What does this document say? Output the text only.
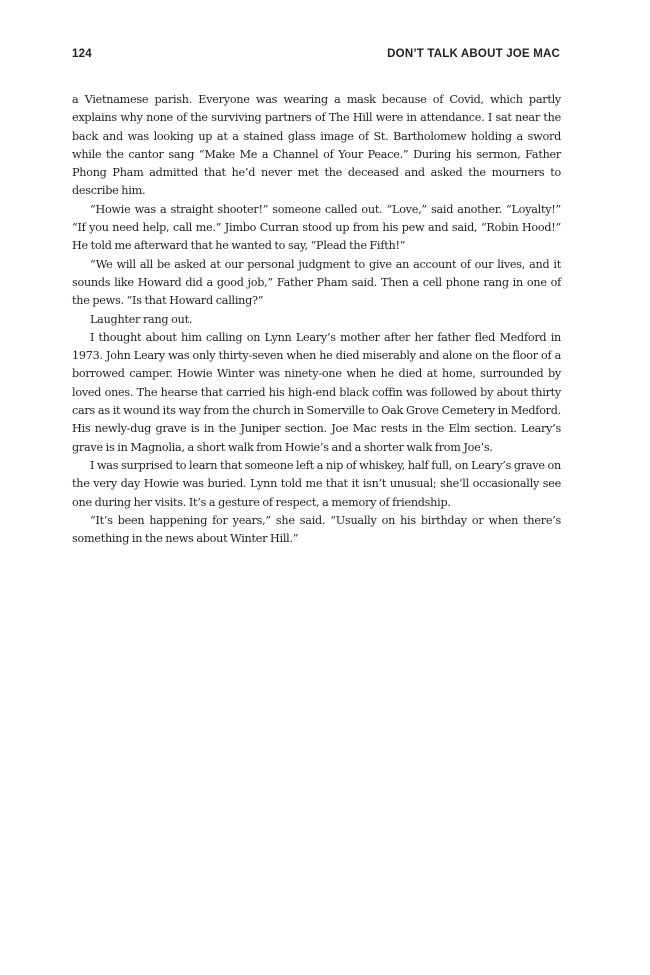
124	DON’T TALK ABOUT JOE MAC

a Vietnamese parish. Everyone was wearing a mask because of Covid, which partly explains why none of the surviving partners of The Hill were in attendance. I sat near the back and was looking up at a stained glass image of St. Bartholomew holding a sword while the cantor sang “Make Me a Channel of Your Peace.” During his sermon, Father Phong Pham admitted that he’d never met the deceased and asked the mourners to describe him.

“Howie was a straight shooter!” someone called out. “Love,” said another. “Loyalty!” “If you need help, call me.” Jimbo Curran stood up from his pew and said, “Robin Hood!” He told me afterward that he wanted to say, “Plead the Fifth!”

“We will all be asked at our personal judgment to give an account of our lives, and it sounds like Howard did a good job,” Father Pham said. Then a cell phone rang in one of the pews. “Is that Howard calling?”

Laughter rang out.

I thought about him calling on Lynn Leary’s mother after her father fled Medford in 1973. John Leary was only thirty-seven when he died miserably and alone on the floor of a borrowed camper. Howie Winter was ninety-one when he died at home, surrounded by loved ones. The hearse that carried his high-end black coffin was followed by about thirty cars as it wound its way from the church in Somerville to Oak Grove Cemetery in Medford. His newly-dug grave is in the Juniper section. Joe Mac rests in the Elm section. Leary’s grave is in Magnolia, a short walk from Howie’s and a shorter walk from Joe’s.

I was surprised to learn that someone left a nip of whiskey, half full, on Leary’s grave on the very day Howie was buried. Lynn told me that it isn’t unusual; she’ll occasionally see one during her visits. It’s a gesture of respect, a memory of friendship.

“It’s been happening for years,” she said. “Usually on his birthday or when there’s something in the news about Winter Hill.”
